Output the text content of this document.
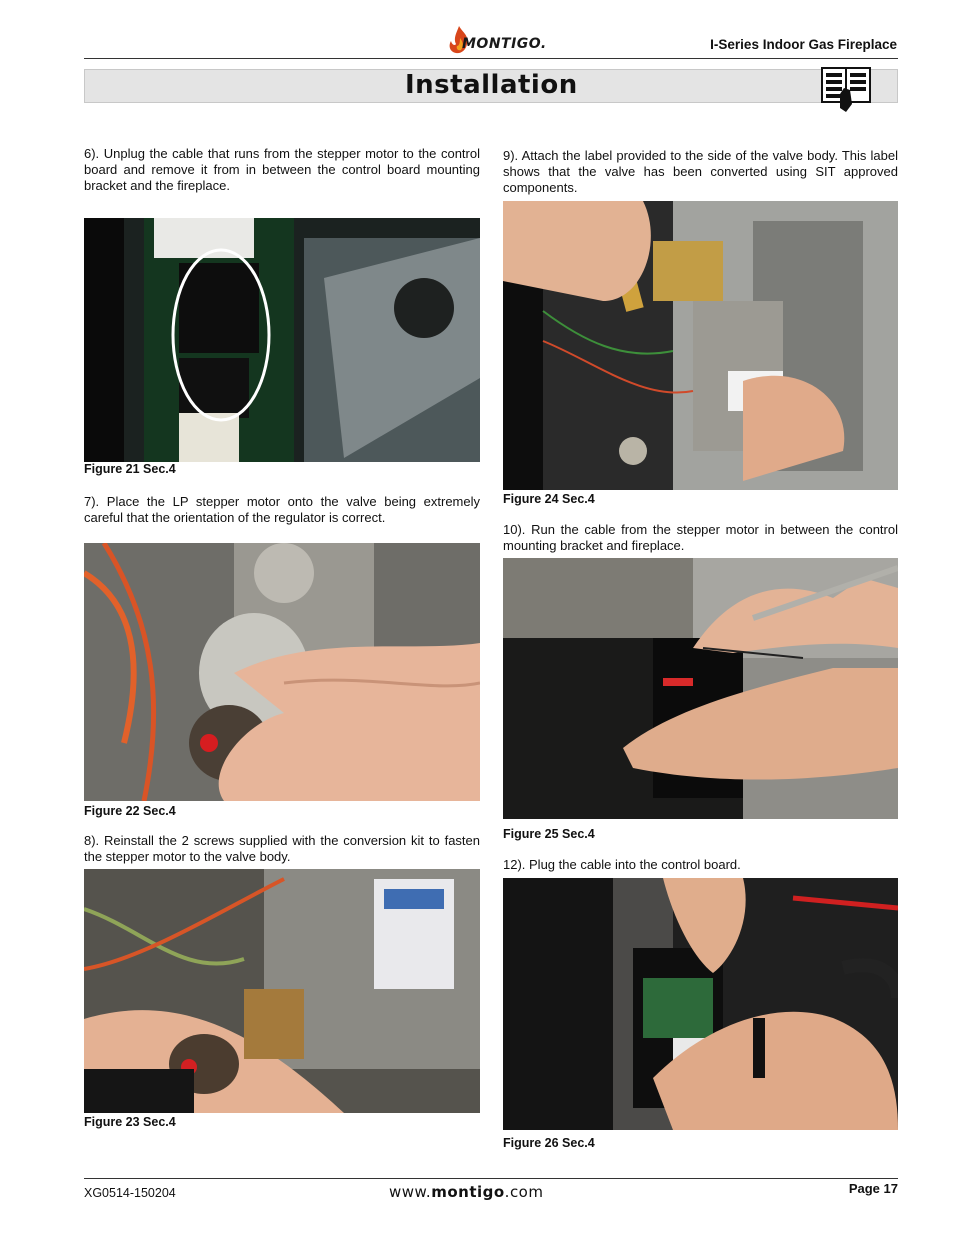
MONTIGO.	I-Series Indoor Gas Fireplace
Installation
6). Unplug the cable that runs from the stepper motor to the control board and remove it from in between the control board mounting bracket and the fireplace.
Figure 21 Sec.4
7). Place the LP stepper motor onto the valve being extremely careful that the orientation of the regulator is correct.
Figure 22 Sec.4
8). Reinstall the 2 screws supplied with the conversion kit to fasten the stepper motor to the valve body.
Figure 23 Sec.4
9). Attach the label provided to the side of the valve body. This label shows that the valve has been converted using SIT approved components.
Figure 24 Sec.4
10). Run the cable from the stepper motor in between the control mounting bracket and fireplace.
Figure 25 Sec.4
12). Plug the cable into the control board.
Figure 26 Sec.4
XG0514-150204	www.montigo.com	Page 17
